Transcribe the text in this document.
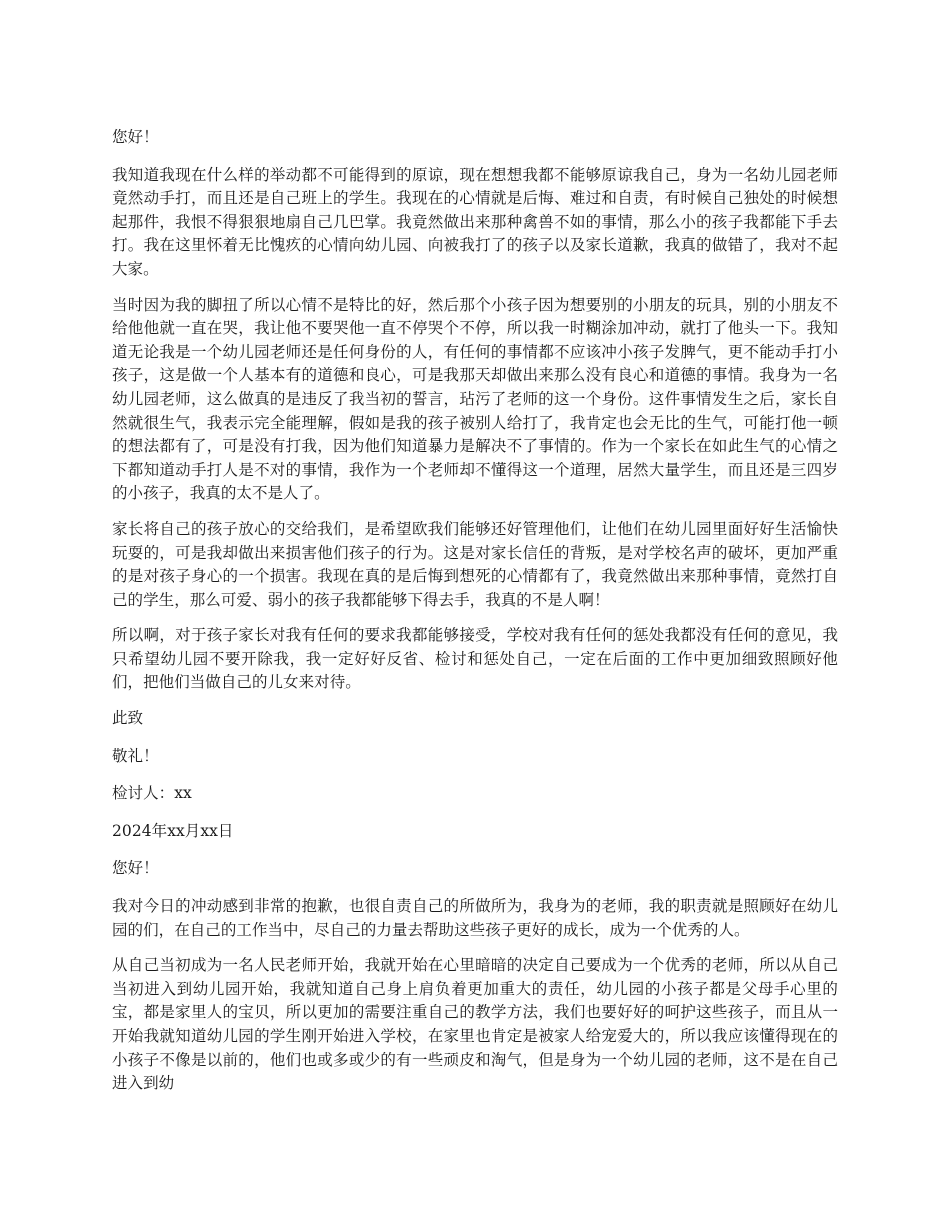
您好！

我知道我现在什么样的举动都不可能得到的原谅，现在想想我都不能够原谅我自己，身为一名幼儿园老师竟然动手打，而且还是自己班上的学生。我现在的心情就是后悔、难过和自责，有时候自己独处的时候想起那件，我恨不得狠狠地扇自己几巴掌。我竟然做出来那种禽兽不如的事情，那么小的孩子我都能下手去打。我在这里怀着无比愧疚的心情向幼儿园、向被我打了的孩子以及家长道歉，我真的做错了，我对不起大家。

当时因为我的脚扭了所以心情不是特比的好，然后那个小孩子因为想要别的小朋友的玩具，别的小朋友不给他他就一直在哭，我让他不要哭他一直不停哭个不停，所以我一时糊涂加冲动，就打了他头一下。我知道无论我是一个幼儿园老师还是任何身份的人，有任何的事情都不应该冲小孩子发脾气，更不能动手打小孩子，这是做一个人基本有的道德和良心，可是我那天却做出来那么没有良心和道德的事情。我身为一名幼儿园老师，这么做真的是违反了我当初的誓言，玷污了老师的这一个身份。这件事情发生之后，家长自然就很生气，我表示完全能理解，假如是我的孩子被别人给打了，我肯定也会无比的生气，可能打他一顿的想法都有了，可是没有打我，因为他们知道暴力是解决不了事情的。作为一个家长在如此生气的心情之下都知道动手打人是不对的事情，我作为一个老师却不懂得这一个道理，居然大量学生，而且还是三四岁的小孩子，我真的太不是人了。

家长将自己的孩子放心的交给我们，是希望欧我们能够还好管理他们，让他们在幼儿园里面好好生活愉快玩耍的，可是我却做出来损害他们孩子的行为。这是对家长信任的背叛，是对学校名声的破坏，更加严重的是对孩子身心的一个损害。我现在真的是后悔到想死的心情都有了，我竟然做出来那种事情，竟然打自己的学生，那么可爱、弱小的孩子我都能够下得去手，我真的不是人啊！

所以啊，对于孩子家长对我有任何的要求我都能够接受，学校对我有任何的惩处我都没有任何的意见，我只希望幼儿园不要开除我，我一定好好反省、检讨和惩处自己，一定在后面的工作中更加细致照顾好他们，把他们当做自己的儿女来对待。

此致

敬礼！

检讨人：xx

2024年xx月xx日

您好！

我对今日的冲动感到非常的抱歉，也很自责自己的所做所为，我身为的老师，我的职责就是照顾好在幼儿园的们，在自己的工作当中，尽自己的力量去帮助这些孩子更好的成长，成为一个优秀的人。

从自己当初成为一名人民老师开始，我就开始在心里暗暗的决定自己要成为一个优秀的老师，所以从自己当初进入到幼儿园开始，我就知道自己身上肩负着更加重大的责任，幼儿园的小孩子都是父母手心里的宝，都是家里人的宝贝，所以更加的需要注重自己的教学方法，我们也要好好的呵护这些孩子，而且从一开始我就知道幼儿园的学生刚开始进入学校，在家里也肯定是被家人给宠爱大的，所以我应该懂得现在的小孩子不像是以前的，他们也或多或少的有一些顽皮和淘气，但是身为一个幼儿园的老师，这不是在自己进入到幼
